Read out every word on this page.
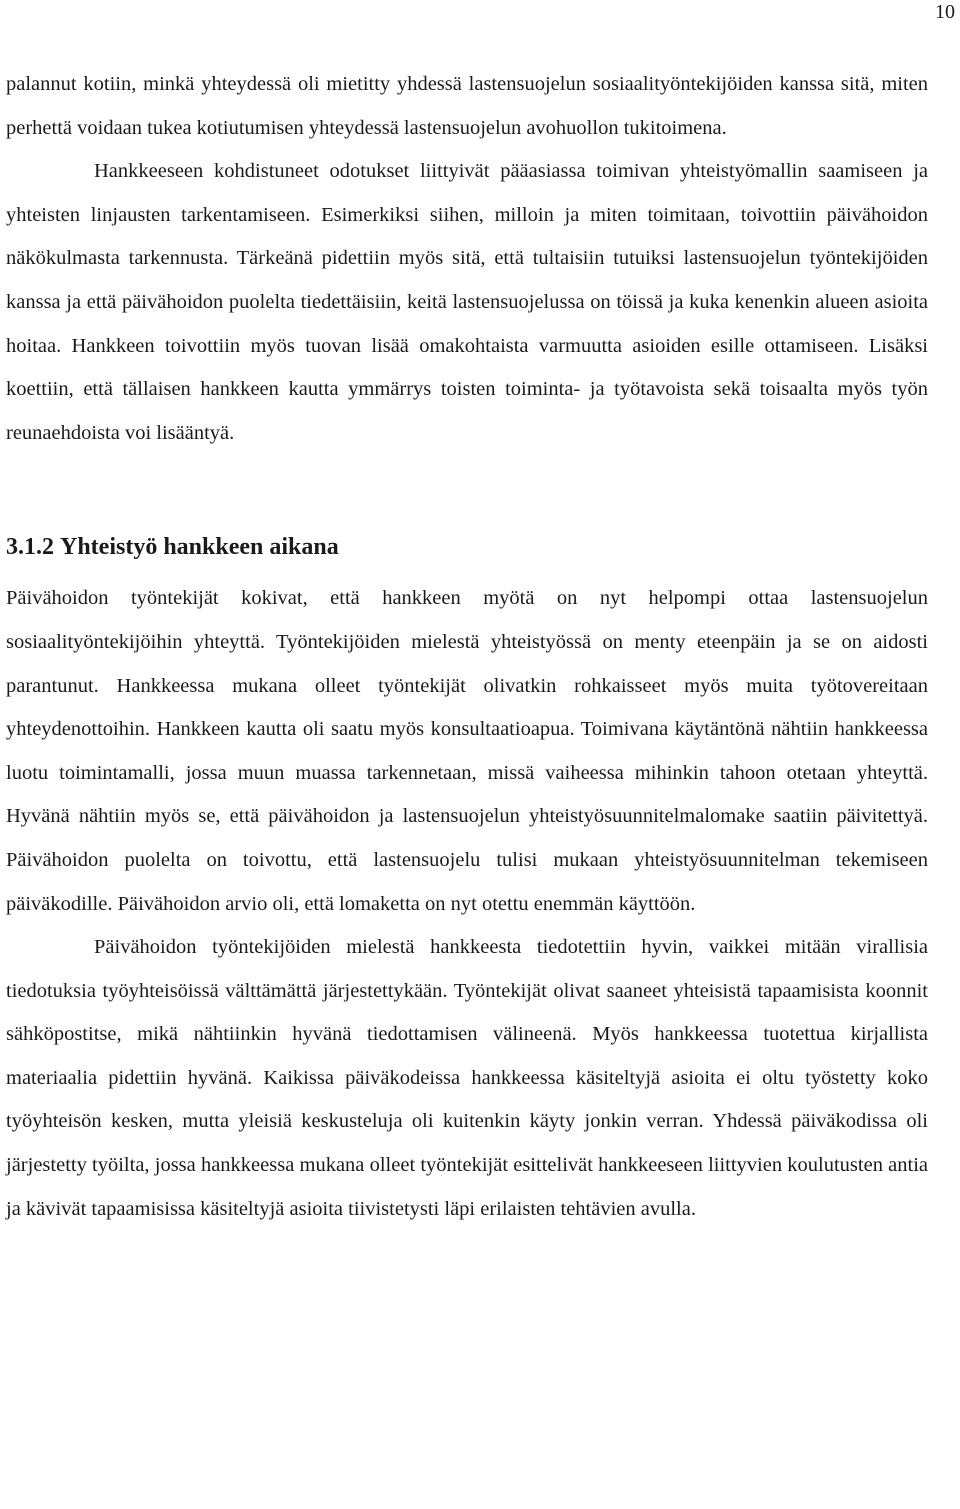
10

palannut kotiin, minkä yhteydessä oli mietitty yhdessä lastensuojelun sosiaalityöntekijöiden kanssa sitä, miten perhettä voidaan tukea kotiutumisen yhteydessä lastensuojelun avohuollon tukitoimena.

Hankkeeseen kohdistuneet odotukset liittyivät pääasiassa toimivan yhteistyömallin saamiseen ja yhteisten linjausten tarkentamiseen. Esimerkiksi siihen, milloin ja miten toimitaan, toivottiin päivähoidon näkökulmasta tarkennusta. Tärkeänä pidettiin myös sitä, että tultaisiin tutuiksi lastensuojelun työntekijöiden kanssa ja että päivähoidon puolelta tiedettäisiin, keitä lastensuojelussa on töissä ja kuka kenenkin alueen asioita hoitaa. Hankkeen toivottiin myös tuovan lisää omakohtaista varmuutta asioiden esille ottamiseen. Lisäksi koettiin, että tällaisen hankkeen kautta ymmärrys toisten toiminta- ja työtavoista sekä toisaalta myös työn reunaehdoista voi lisääntyä.

3.1.2 Yhteistyö hankkeen aikana

Päivähoidon työntekijät kokivat, että hankkeen myötä on nyt helpompi ottaa lastensuojelun sosiaalityöntekijöihin yhteyttä. Työntekijöiden mielestä yhteistyössä on menty eteenpäin ja se on aidosti parantunut. Hankkeessa mukana olleet työntekijät olivatkin rohkaisseet myös muita työtovereitaan yhteydenottoihin. Hankkeen kautta oli saatu myös konsultaatioapua. Toimivana käytäntönä nähtiin hankkeessa luotu toimintamalli, jossa muun muassa tarkennetaan, missä vaiheessa mihinkin tahoon otetaan yhteyttä. Hyvänä nähtiin myös se, että päivähoidon ja lastensuojelun yhteistyösuunnitelmalomake saatiin päivitettyä. Päivähoidon puolelta on toivottu, että lastensuojelu tulisi mukaan yhteistyösuunnitelman tekemiseen päiväkodille. Päivähoidon arvio oli, että lomaketta on nyt otettu enemmän käyttöön.

Päivähoidon työntekijöiden mielestä hankkeesta tiedotettiin hyvin, vaikkei mitään virallisia tiedotuksia työyhteisöissä välttämättä järjestettykään. Työntekijät olivat saaneet yhteisistä tapaamisista koonnit sähköpostitse, mikä nähtiinkin hyvänä tiedottamisen välineenä. Myös hankkeessa tuotettua kirjallista materiaalia pidettiin hyvänä. Kaikissa päiväkodeissa hankkeessa käsiteltyjä asioita ei oltu työstetty koko työyhteisön kesken, mutta yleisiä keskusteluja oli kuitenkin käyty jonkin verran. Yhdessä päiväkodissa oli järjestetty työilta, jossa hankkeessa mukana olleet työntekijät esittelivät hankkeeseen liittyvien koulutusten antia ja kävivät tapaamisissa käsiteltyjä asioita tiivistetysti läpi erilaisten tehtävien avulla.
